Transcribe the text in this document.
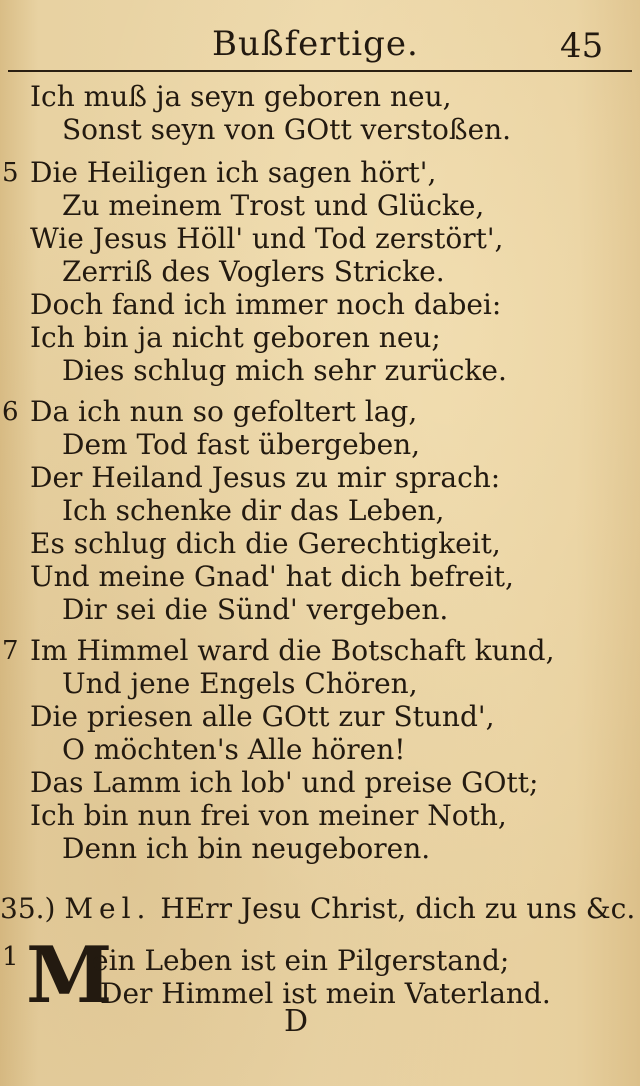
Bußfertige.	45
Ich muß ja seyn geboren neu,
Sonst seyn von GOtt verstoßen.
5 Die Heiligen ich sagen hört',
Zu meinem Trost und Glücke,
Wie Jesus Höll' und Tod zerstört',
Zerriß des Voglers Stricke.
Doch fand ich immer noch dabei:
Ich bin ja nicht geboren neu;
Dies schlug mich sehr zurücke.
6 Da ich nun so gefoltert lag,
Dem Tod fast übergeben,
Der Heiland Jesus zu mir sprach:
Ich schenke dir das Leben,
Es schlug dich die Gerechtigkeit,
Und meine Gnad' hat dich befreit,
Dir sei die Sünd' vergeben.
7 Im Himmel ward die Botschaft kund,
Und jene Engels Chören,
Die priesen alle GOtt zur Stund',
O möchten's Alle hören!
Das Lamm ich lob' und preise GOtt;
Ich bin nun frei von meiner Noth,
Denn ich bin neugeboren.
35.) Mel. HErr Jesu Christ, dich zu uns &c.
1 M
ein Leben ist ein Pilgerstand;
Der Himmel ist mein Vaterland.
D
